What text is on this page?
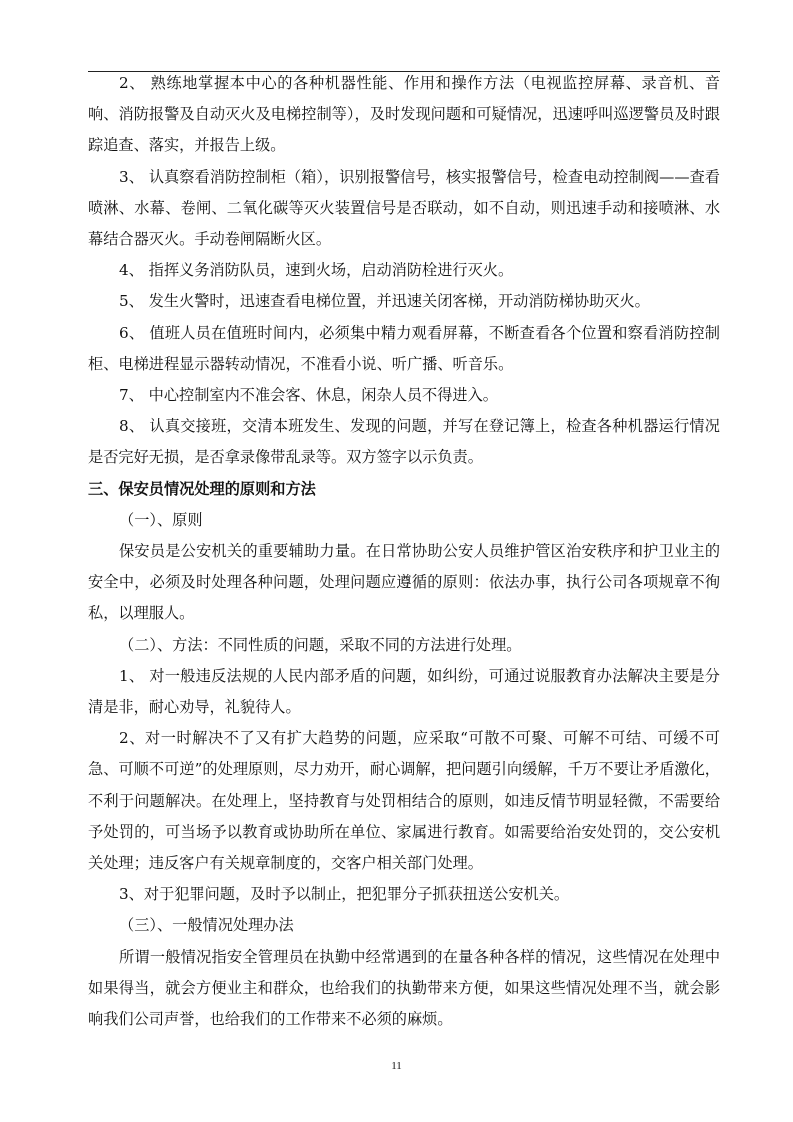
2、 熟练地掌握本中心的各种机器性能、作用和操作方法（电视监控屏幕、录音机、音响、消防报警及自动灭火及电梯控制等），及时发现问题和可疑情况，迅速呼叫巡逻警员及时跟踪追查、落实，并报告上级。

3、 认真察看消防控制柜（箱），识别报警信号，核实报警信号，检查电动控制阀——查看喷淋、水幕、卷闸、二氧化碳等灭火装置信号是否联动，如不自动，则迅速手动和接喷淋、水幕结合器灭火。手动卷闸隔断火区。

4、 指挥义务消防队员，速到火场，启动消防栓进行灭火。

5、 发生火警时，迅速查看电梯位置，并迅速关闭客梯，开动消防梯协助灭火。

6、 值班人员在值班时间内，必须集中精力观看屏幕，不断查看各个位置和察看消防控制柜、电梯进程显示器转动情况，不准看小说、听广播、听音乐。

7、 中心控制室内不准会客、休息，闲杂人员不得进入。

8、 认真交接班，交清本班发生、发现的问题，并写在登记簿上，检查各种机器运行情况是否完好无损，是否拿录像带乱录等。双方签字以示负责。

三、保安员情况处理的原则和方法

（一）、原则

保安员是公安机关的重要辅助力量。在日常协助公安人员维护管区治安秩序和护卫业主的安全中，必须及时处理各种问题，处理问题应遵循的原则：依法办事，执行公司各项规章不徇私，以理服人。

（二）、方法：不同性质的问题，采取不同的方法进行处理。

1、 对一般违反法规的人民内部矛盾的问题，如纠纷，可通过说服教育办法解决主要是分清是非，耐心劝导，礼貌待人。

2、对一时解决不了又有扩大趋势的问题，应采取“可散不可聚、可解不可结、可缓不可急、可顺不可逆”的处理原则，尽力劝开，耐心调解，把问题引向缓解，千万不要让矛盾激化，不利于问题解决。在处理上，坚持教育与处罚相结合的原则，如违反情节明显轻微，不需要给予处罚的，可当场予以教育或协助所在单位、家属进行教育。如需要给治安处罚的，交公安机关处理；违反客户有关规章制度的，交客户相关部门处理。

3、对于犯罪问题，及时予以制止，把犯罪分子抓获扭送公安机关。

（三）、一般情况处理办法

所谓一般情况指安全管理员在执勤中经常遇到的在量各种各样的情况，这些情况在处理中如果得当，就会方便业主和群众，也给我们的执勤带来方便，如果这些情况处理不当，就会影响我们公司声誉，也给我们的工作带来不必须的麻烦。

11
